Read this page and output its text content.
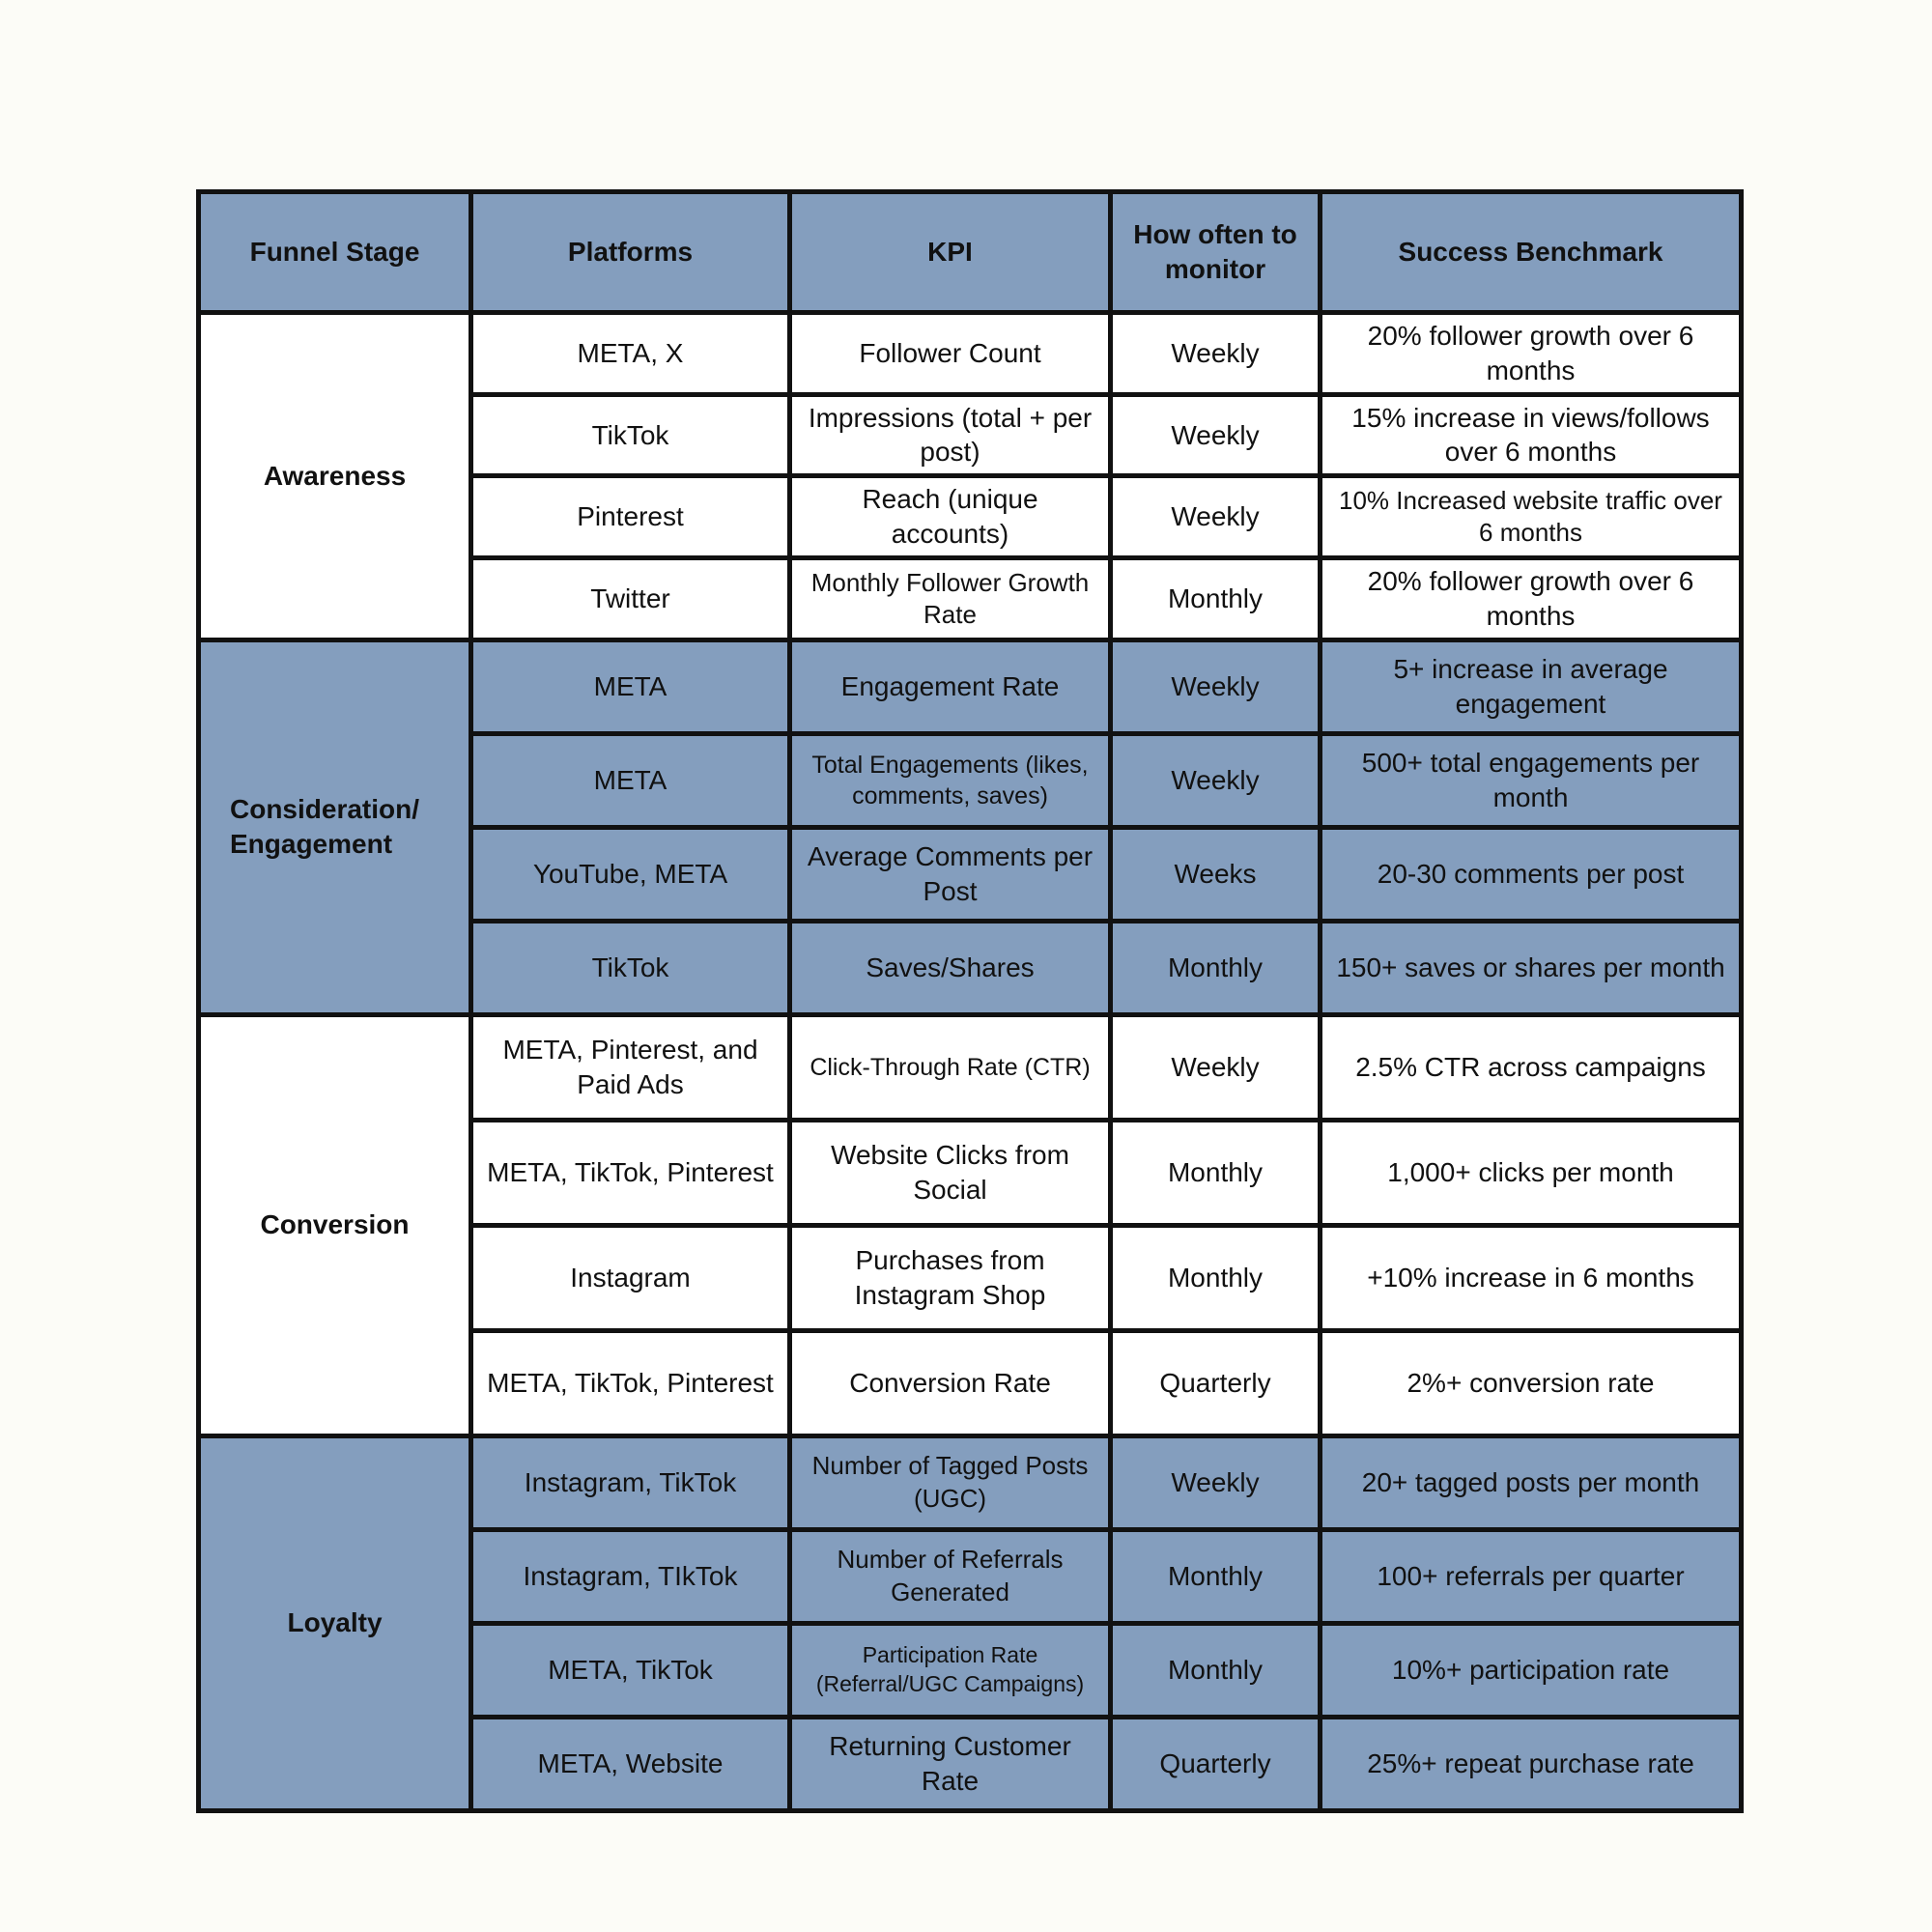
Funnel Stage	Platforms	KPI	How often to monitor	Success Benchmark
Awareness	META, X	Follower Count	Weekly	20% follower growth over 6 months
	TikTok	Impressions (total + per post)	Weekly	15% increase in views/follows over 6 months
	Pinterest	Reach (unique accounts)	Weekly	10% Increased website traffic over 6 months
	Twitter	Monthly Follower Growth Rate	Monthly	20% follower growth over 6 months
Consideration/ Engagement	META	Engagement Rate	Weekly	5+ increase in average engagement
	META	Total Engagements (likes, comments, saves)	Weekly	500+ total engagements per month
	YouTube, META	Average Comments per Post	Weeks	20-30 comments per post
	TikTok	Saves/Shares	Monthly	150+ saves or shares per month
Conversion	META, Pinterest, and Paid Ads	Click-Through Rate (CTR)	Weekly	2.5% CTR across campaigns
	META, TikTok, Pinterest	Website Clicks from Social	Monthly	1,000+ clicks per month
	Instagram	Purchases from Instagram Shop	Monthly	+10% increase in 6 months
	META, TikTok, Pinterest	Conversion Rate	Quarterly	2%+ conversion rate
Loyalty	Instagram, TikTok	Number of Tagged Posts (UGC)	Weekly	20+ tagged posts per month
	Instagram, TIkTok	Number of Referrals Generated	Monthly	100+ referrals per quarter
	META, TikTok	Participation Rate (Referral/UGC Campaigns)	Monthly	10%+ participation rate
	META, Website	Returning Customer Rate	Quarterly	25%+ repeat purchase rate
